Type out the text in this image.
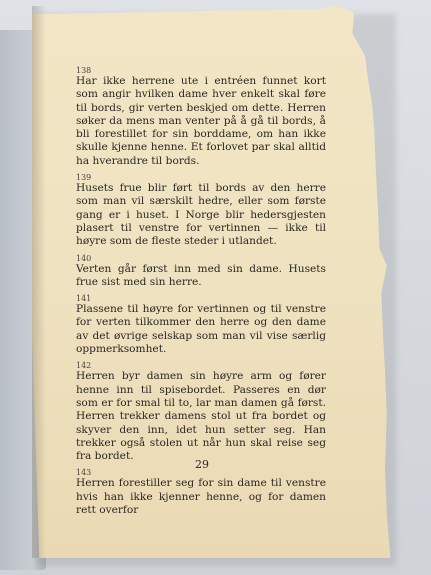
138
Har ikke herrene ute i entréen funnet kort som angir hvilken dame hver enkelt skal føre til bords, gir verten beskjed om dette. Herren søker da mens man venter på å gå til bords, å bli forestillet for sin borddame, om han ikke skulle kjenne henne. Et forlovet par skal alltid ha hverandre til bords.
139
Husets frue blir ført til bords av den herre som man vil særskilt hedre, eller som første gang er i huset. I Norge blir hedersgjesten plasert til venstre for vertinnen — ikke til høyre som de fleste steder i utlandet.
140
Verten går først inn med sin dame. Husets frue sist med sin herre.
141
Plassene til høyre for vertinnen og til venstre for verten tilkommer den herre og den dame av det øvrige selskap som man vil vise særlig oppmerksomhet.
142
Herren byr damen sin høyre arm og fører henne inn til spisebordet. Passeres en dør som er for smal til to, lar man damen gå først. Herren trekker damens stol ut fra bordet og skyver den inn, idet hun setter seg. Han trekker også stolen ut når hun skal reise seg fra bordet.
143
Herren forestiller seg for sin dame til venstre hvis han ikke kjenner henne, og for damen rett overfor
29
